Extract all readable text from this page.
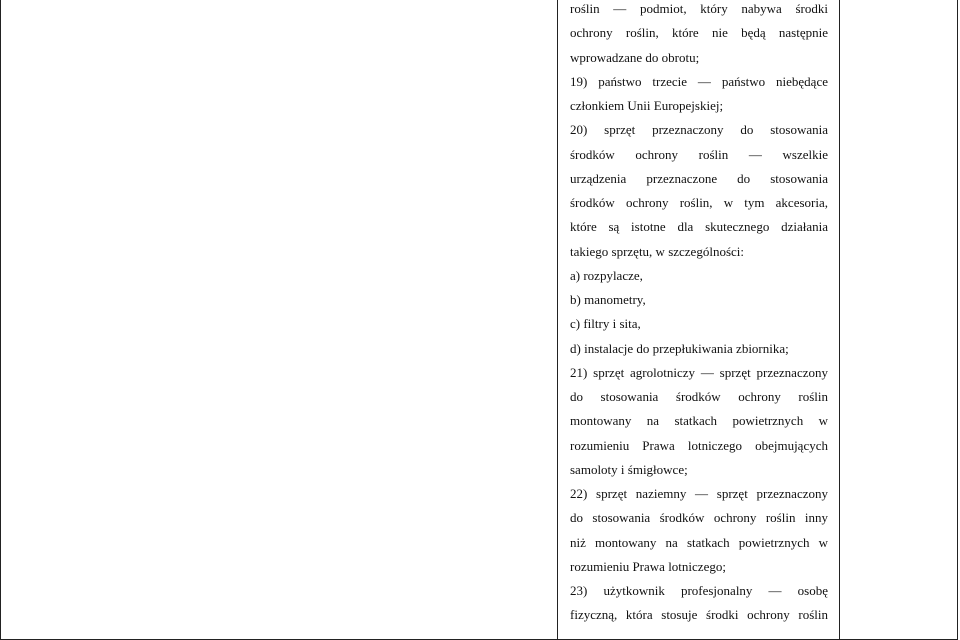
roślin — podmiot, który nabywa środki
ochrony roślin, które nie będą następnie
wprowadzane do obrotu;
19) państwo trzecie — państwo niebędące
członkiem Unii Europejskiej;
20) sprzęt przeznaczony do stosowania
środków ochrony roślin — wszelkie
urządzenia przeznaczone do stosowania
środków ochrony roślin, w tym akcesoria,
które są istotne dla skutecznego działania
takiego sprzętu, w szczególności:
a) rozpylacze,
b) manometry,
c) filtry i sita,
d) instalacje do przepłukiwania zbiornika;
21) sprzęt agrolotniczy — sprzęt przeznaczony
do stosowania środków ochrony roślin
montowany na statkach powietrznych w
rozumieniu Prawa lotniczego obejmujących
samoloty i śmigłowce;
22) sprzęt naziemny — sprzęt przeznaczony
do stosowania środków ochrony roślin inny
niż montowany na statkach powietrznych w
rozumieniu Prawa lotniczego;
23) użytkownik profesjonalny — osobę
fizyczną, która stosuje środki ochrony roślin
